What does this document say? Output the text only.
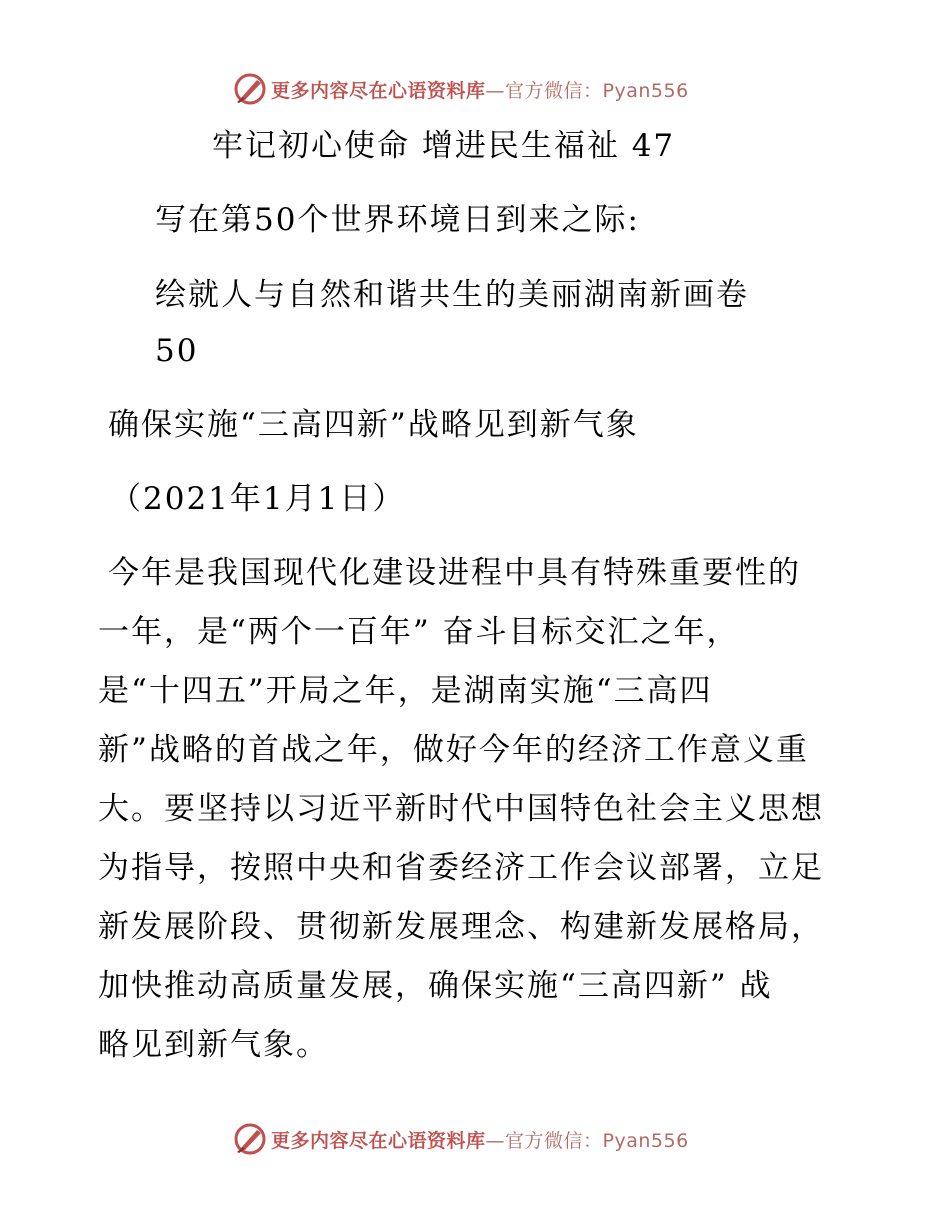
更多内容尽在心语资料库—官方微信：Pyan556

牢记初心使命 增进民生福祉 47

写在第50个世界环境日到来之际:

绘就人与自然和谐共生的美丽湖南新画卷

50

确保实施“三高四新”战略见到新气象

（2021年1月1日）

今年是我国现代化建设进程中具有特殊重要性的

一年，是“两个一百年” 奋斗目标交汇之年，

是“十四五”开局之年，是湖南实施“三高四

新”战略的首战之年，做好今年的经济工作意义重

大。要坚持以习近平新时代中国特色社会主义思想

为指导，按照中央和省委经济工作会议部署，立足

新发展阶段、贯彻新发展理念、构建新发展格局，

加快推动高质量发展，确保实施“三高四新” 战

略见到新气象。

更多内容尽在心语资料库—官方微信：Pyan556
